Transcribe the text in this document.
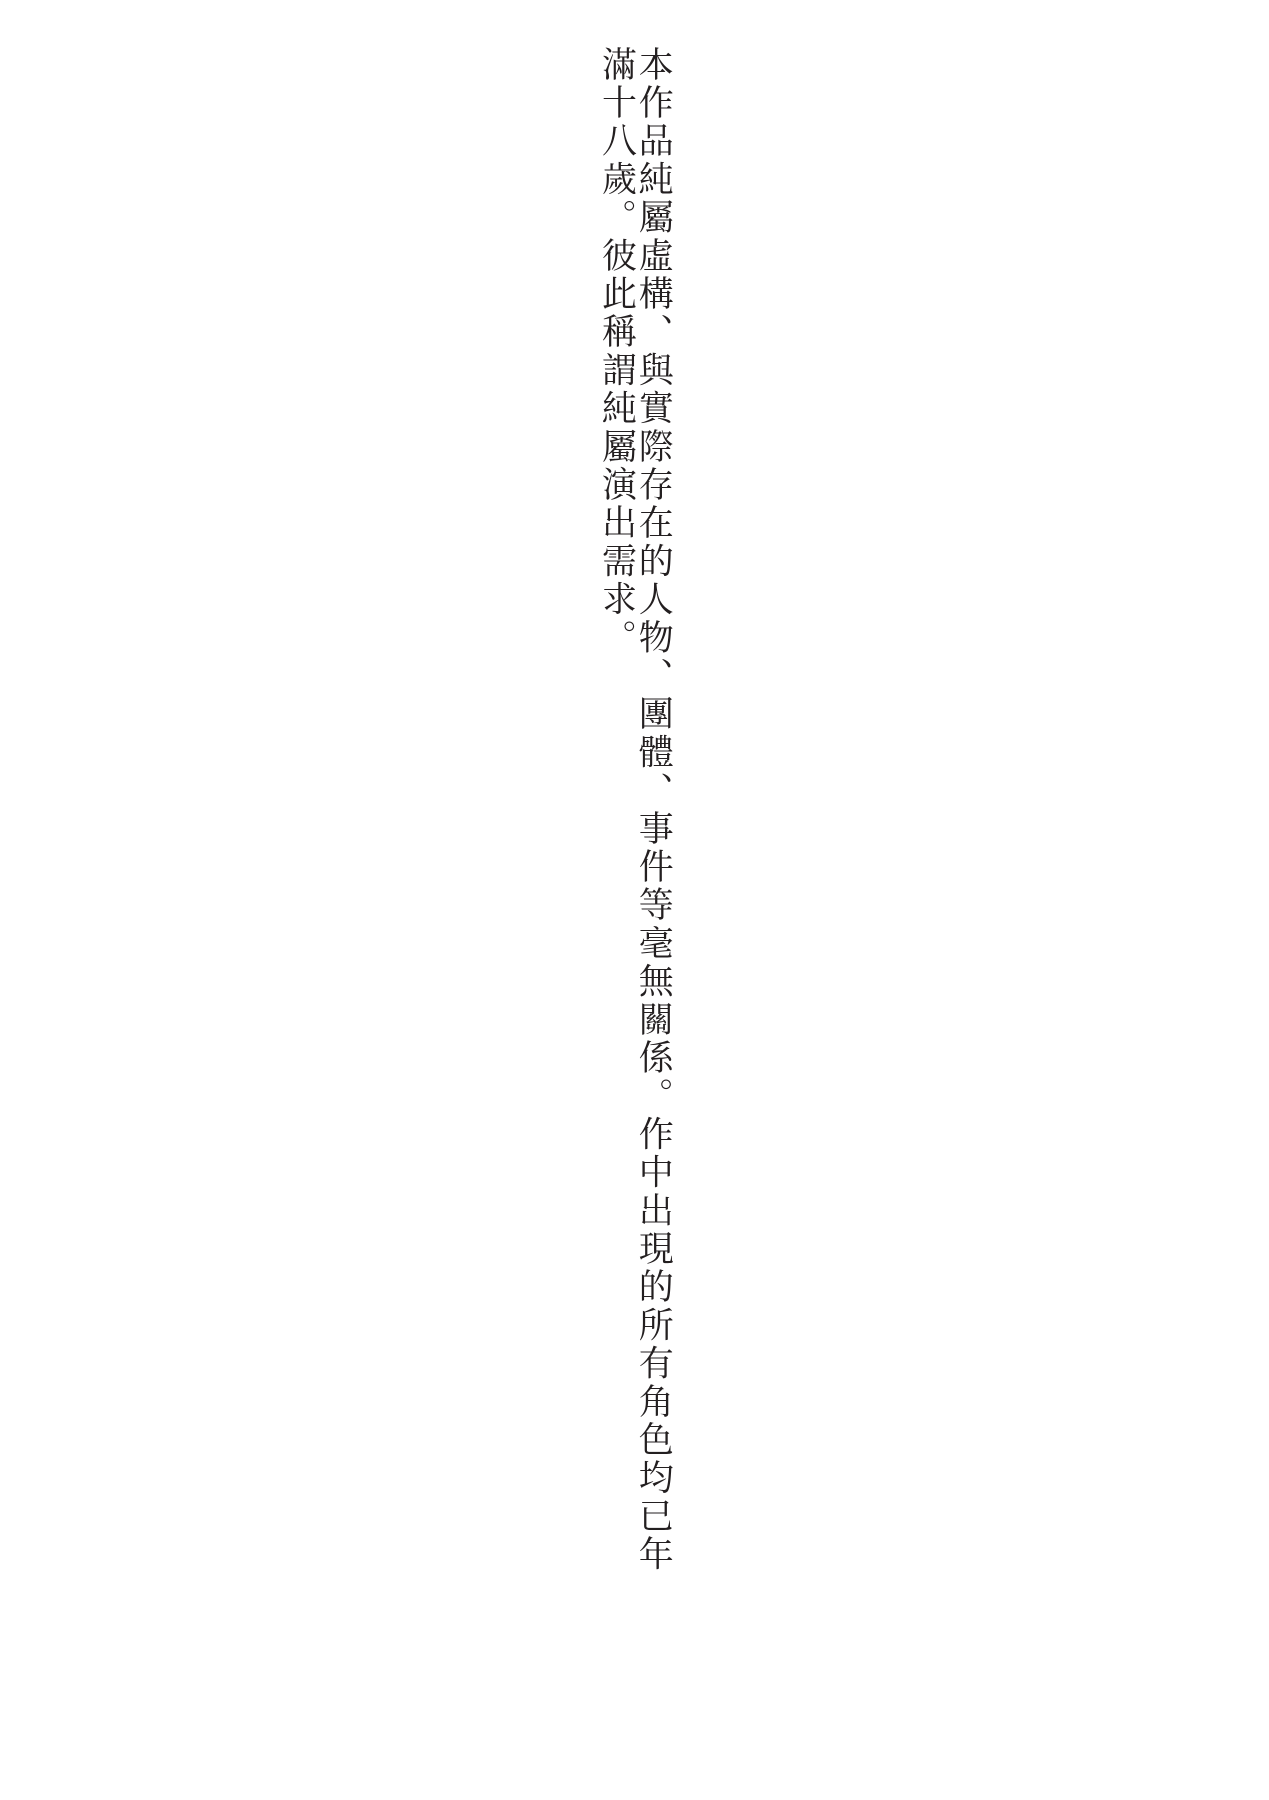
本作品純屬虛構、與實際存在的人物、團體、事件等毫無關係。作中出現的所有角色均已年滿十八歲。彼此稱謂純屬演出需求。
